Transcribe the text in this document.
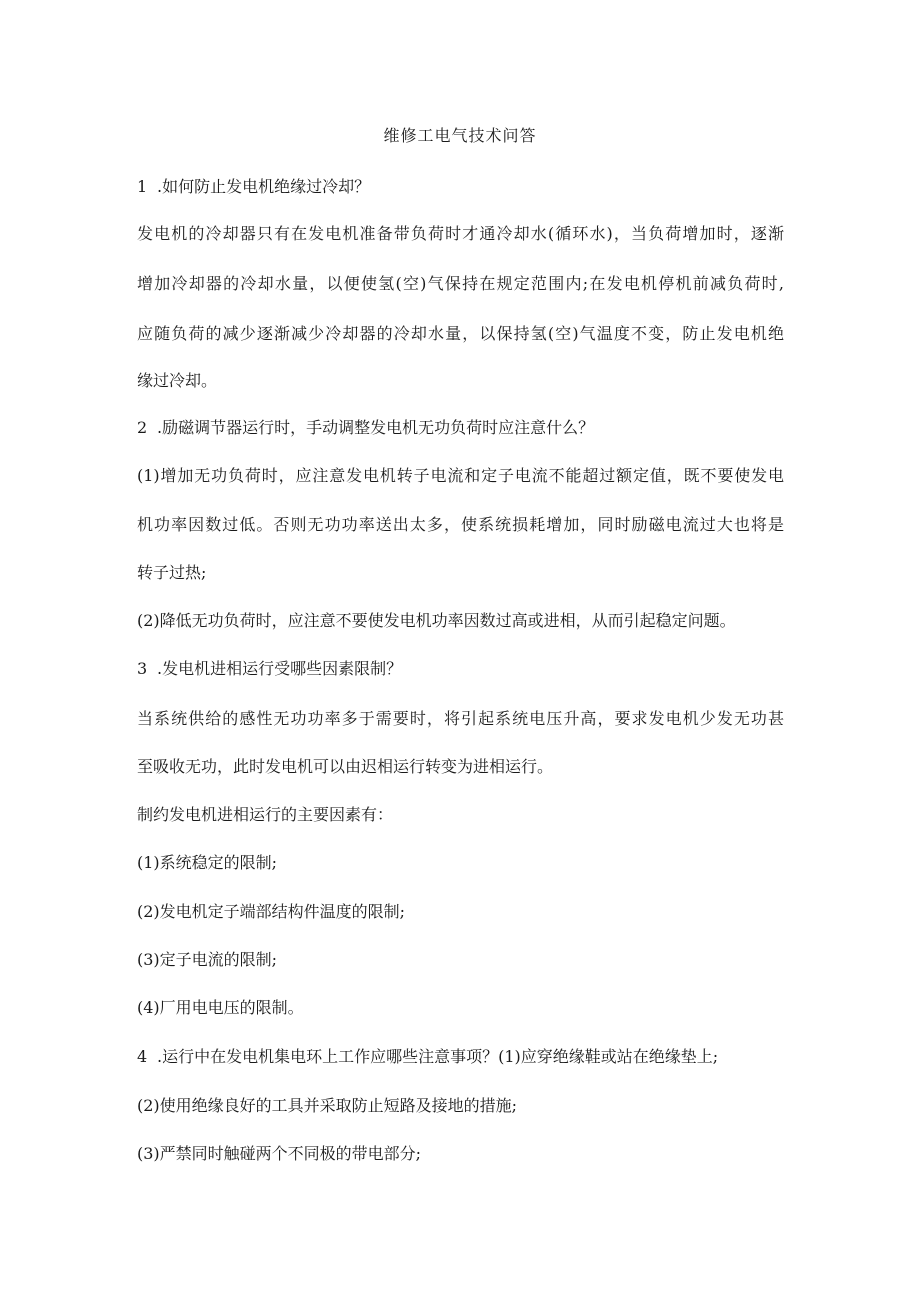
维修工电气技术问答
1 .如何防止发电机绝缘过冷却？
发电机的冷却器只有在发电机准备带负荷时才通冷却水(循环水)，当负荷增加时，逐渐
增加冷却器的冷却水量，以便使氢(空)气保持在规定范围内;在发电机停机前减负荷时,
应随负荷的减少逐渐减少冷却器的冷却水量，以保持氢(空)气温度不变，防止发电机绝
缘过冷却。
2 .励磁调节器运行时，手动调整发电机无功负荷时应注意什么？
(1)增加无功负荷时，应注意发电机转子电流和定子电流不能超过额定值，既不要使发电
机功率因数过低。否则无功功率送出太多，使系统损耗增加，同时励磁电流过大也将是
转子过热;
(2)降低无功负荷时，应注意不要使发电机功率因数过高或进相，从而引起稳定问题。
3 .发电机进相运行受哪些因素限制？
当系统供给的感性无功功率多于需要时，将引起系统电压升高，要求发电机少发无功甚
至吸收无功，此时发电机可以由迟相运行转变为进相运行。
制约发电机进相运行的主要因素有：
(1)系统稳定的限制;
(2)发电机定子端部结构件温度的限制;
(3)定子电流的限制;
(4)厂用电电压的限制。
4 .运行中在发电机集电环上工作应哪些注意事项？(1)应穿绝缘鞋或站在绝缘垫上;
(2)使用绝缘良好的工具并采取防止短路及接地的措施;
(3)严禁同时触碰两个不同极的带电部分;
